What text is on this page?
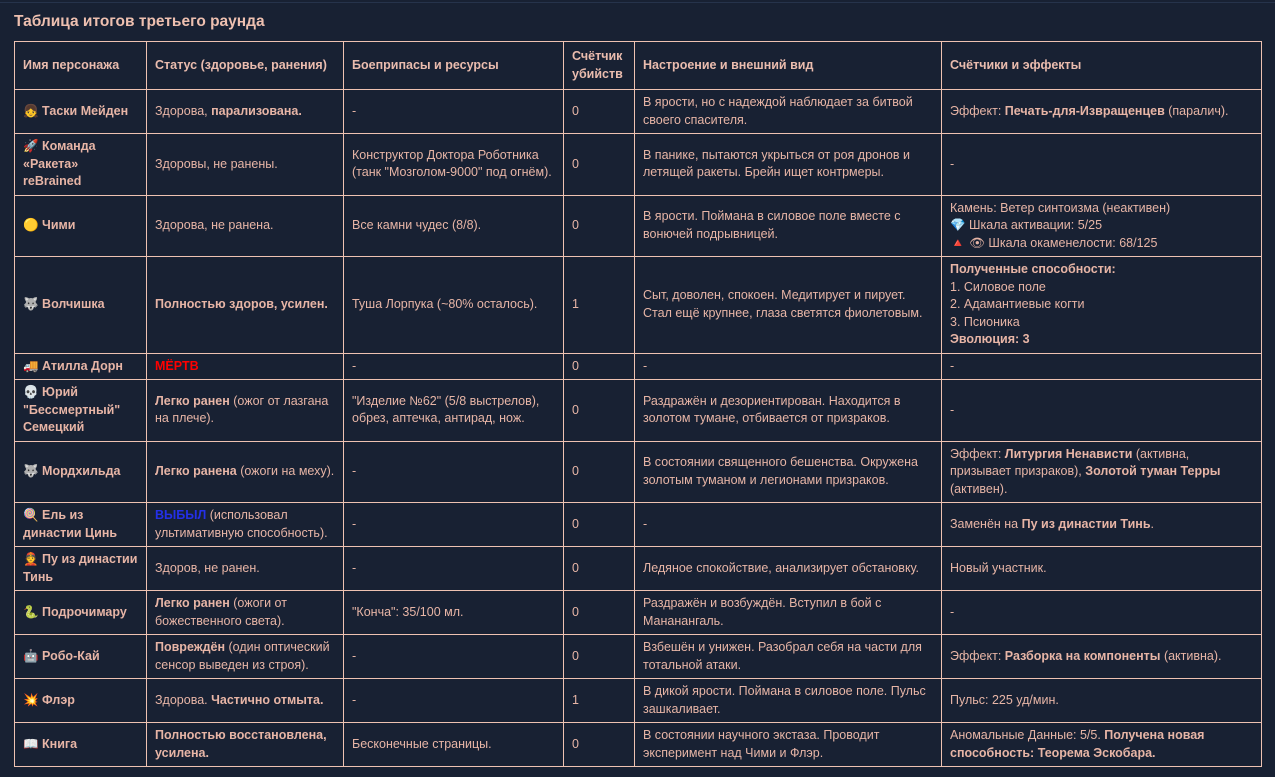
Таблица итогов третьего раунда
Имя персонажа	Статус (здоровье, ранения)	Боеприпасы и ресурсы	Счётчик убийств	Настроение и внешний вид	Счётчики и эффекты

👧 Таски Мейден	Здорова, парализована.	-	0	В ярости, но с надеждой наблюдает за битвой своего спасителя.	Эффект: Печать-для-Извращенцев (паралич).

🚀 Команда «Ракета» reBrained	Здоровы, не ранены.	Конструктор Доктора Роботника (танк "Мозголом-9000" под огнём).	0	В панике, пытаются укрыться от роя дронов и летящей ракеты. Брейн ищет контрмеры.	-

🟡 Чими	Здорова, не ранена.	Все камни чудес (8/8).	0	В ярости. Поймана в силовое поле вместе с вонючей подрывницей.	Камень: Ветер синтоизма (неактивен)
💎 Шкала активации: 5/25
🔺 👁 Шкала окаменелости: 68/125

🐺 Волчишка	Полностью здоров, усилен.	Туша Лорпука (~80% осталось).	1	Сыт, доволен, спокоен. Медитирует и пирует. Стал ещё крупнее, глаза светятся фиолетовым.	Полученные способности:
1. Силовое поле
2. Адамантиевые когти
3. Псионика
Эволюция: 3

🚚 Атилла Дорн	МЁРТВ	-	0	-	-

💀 Юрий "Бессмертный" Семецкий	Легко ранен (ожог от лазгана на плече).	"Изделие №62" (5/8 выстрелов), обрез, аптечка, антирад, нож.	0	Раздражён и дезориентирован. Находится в золотом тумане, отбивается от призраков.	-

🐺 Мордхильда	Легко ранена (ожоги на меху).	-	0	В состоянии священного бешенства. Окружена золотым туманом и легионами призраков.	Эффект: Литургия Ненависти (активна, призывает призраков), Золотой туман Терры (активен).

🍭 Ель из династии Цинь	ВЫБЫЛ (использовал ультимативную способность).	-	0	-	Заменён на Пу из династии Тинь.

👲 Пу из династии Тинь	Здоров, не ранен.	-	0	Ледяное спокойствие, анализирует обстановку.	Новый участник.

🐍 Подрочимару	Легко ранен (ожоги от божественного света).	"Конча": 35/100 мл.	0	Раздражён и возбуждён. Вступил в бой с Мананангаль.	-

🤖 Робо-Кай	Повреждён (один оптический сенсор выведен из строя).	-	0	Взбешён и унижен. Разобрал себя на части для тотальной атаки.	Эффект: Разборка на компоненты (активна).

💥 Флэр	Здорова. Частично отмыта.	-	1	В дикой ярости. Поймана в силовое поле. Пульс зашкаливает.	Пульс: 225 уд/мин.

📖 Книга	Полностью восстановлена, усилена.	Бесконечные страницы.	0	В состоянии научного экстаза. Проводит эксперимент над Чими и Флэр.	Аномальные Данные: 5/5. Получена новая способность: Теорема Эскобара.
